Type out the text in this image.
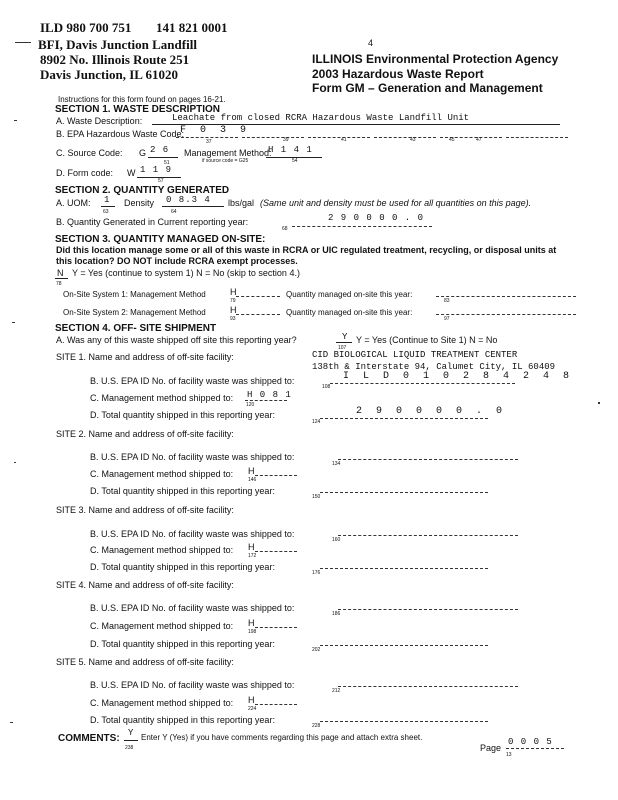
ILD 980 700 751 141 821 0001
BFI, Davis Junction Landfill
8902 No. Illinois Route 251
Davis Junction, IL 61020
4
ILLINOIS Environmental Protection Agency
2003 Hazardous Waste Report
Form GM – Generation and Management
Instructions for this form found on pages 16-21.
SECTION 1. WASTE DESCRIPTION
A. Waste Description:	Leachate from closed RCRA Hazardous Waste Landfill Unit
B. EPA Hazardous Waste Code:
F 0 3 9
37	39	41	43	45	47
C. Source Code: G 2 6
51	if source code = G25
Management Method:
H 1 4 1
54
D. Form code: W 1 1 9
57
SECTION 2. QUANTITY GENERATED
A. UOM: 1
63
Density 0 8.3 4
64
lbs/gal (Same unit and density must be used for all quantities on this page).
B. Quantity Generated in Current reporting year:	2 9 0 0 0 0 . 0
68
SECTION 3. QUANTITY MANAGED ON-SITE:
Did this location manage some or all of this waste in RCRA or UIC regulated treatment, recycling, or disposal units at
this location? DO NOT include RCRA exempt processes.
N
78
Y = Yes (continue to system 1) N = No (skip to section 4.)
On-Site System 1: Management Method	H
79
Quantity managed on-site this year:
83
On-Site System 2: Management Method	H
93
Quantity managed on-site this year:
97
SECTION 4. OFF- SITE SHIPMENT
A. Was any of this waste shipped off site this reporting year?	Y
107
Y = Yes (Continue to Site 1) N = No
SITE 1. Name and address of off-site facility:	CID BIOLOGICAL LIQUID TREATMENT CENTER
138th & Interstate 94, Calumet City, IL 60409
B. U.S. EPA ID No. of facility waste was shipped to:	I L D 0 1 0 2 8 4 2 4 8
108
C. Management method shipped to: H 0 8 1
120
D. Total quantity shipped in this reporting year:	2 9 0 0 0 0 . 0
124
SITE 2. Name and address of off-site facility:
B. U.S. EPA ID No. of facility waste was shipped to:
134
C. Management method shipped to: H
146
D. Total quantity shipped in this reporting year:
150
SITE 3. Name and address of off-site facility:
B. U.S. EPA ID No. of facility waste was shipped to:
160
C. Management method shipped to: H
172
D. Total quantity shipped in this reporting year:
176
SITE 4. Name and address of off-site facility:
B. U.S. EPA ID No. of facility waste was shipped to:
186
C. Management method shipped to: H
198
D. Total quantity shipped in this reporting year:
202
SITE 5. Name and address of off-site facility:
B. U.S. EPA ID No. of facility waste was shipped to:
212
C. Management method shipped to: H
224
D. Total quantity shipped in this reporting year:
228
COMMENTS: Y
238
Enter Y (Yes) if you have comments regarding this page and attach extra sheet.
Page
0 0 0 5
13
